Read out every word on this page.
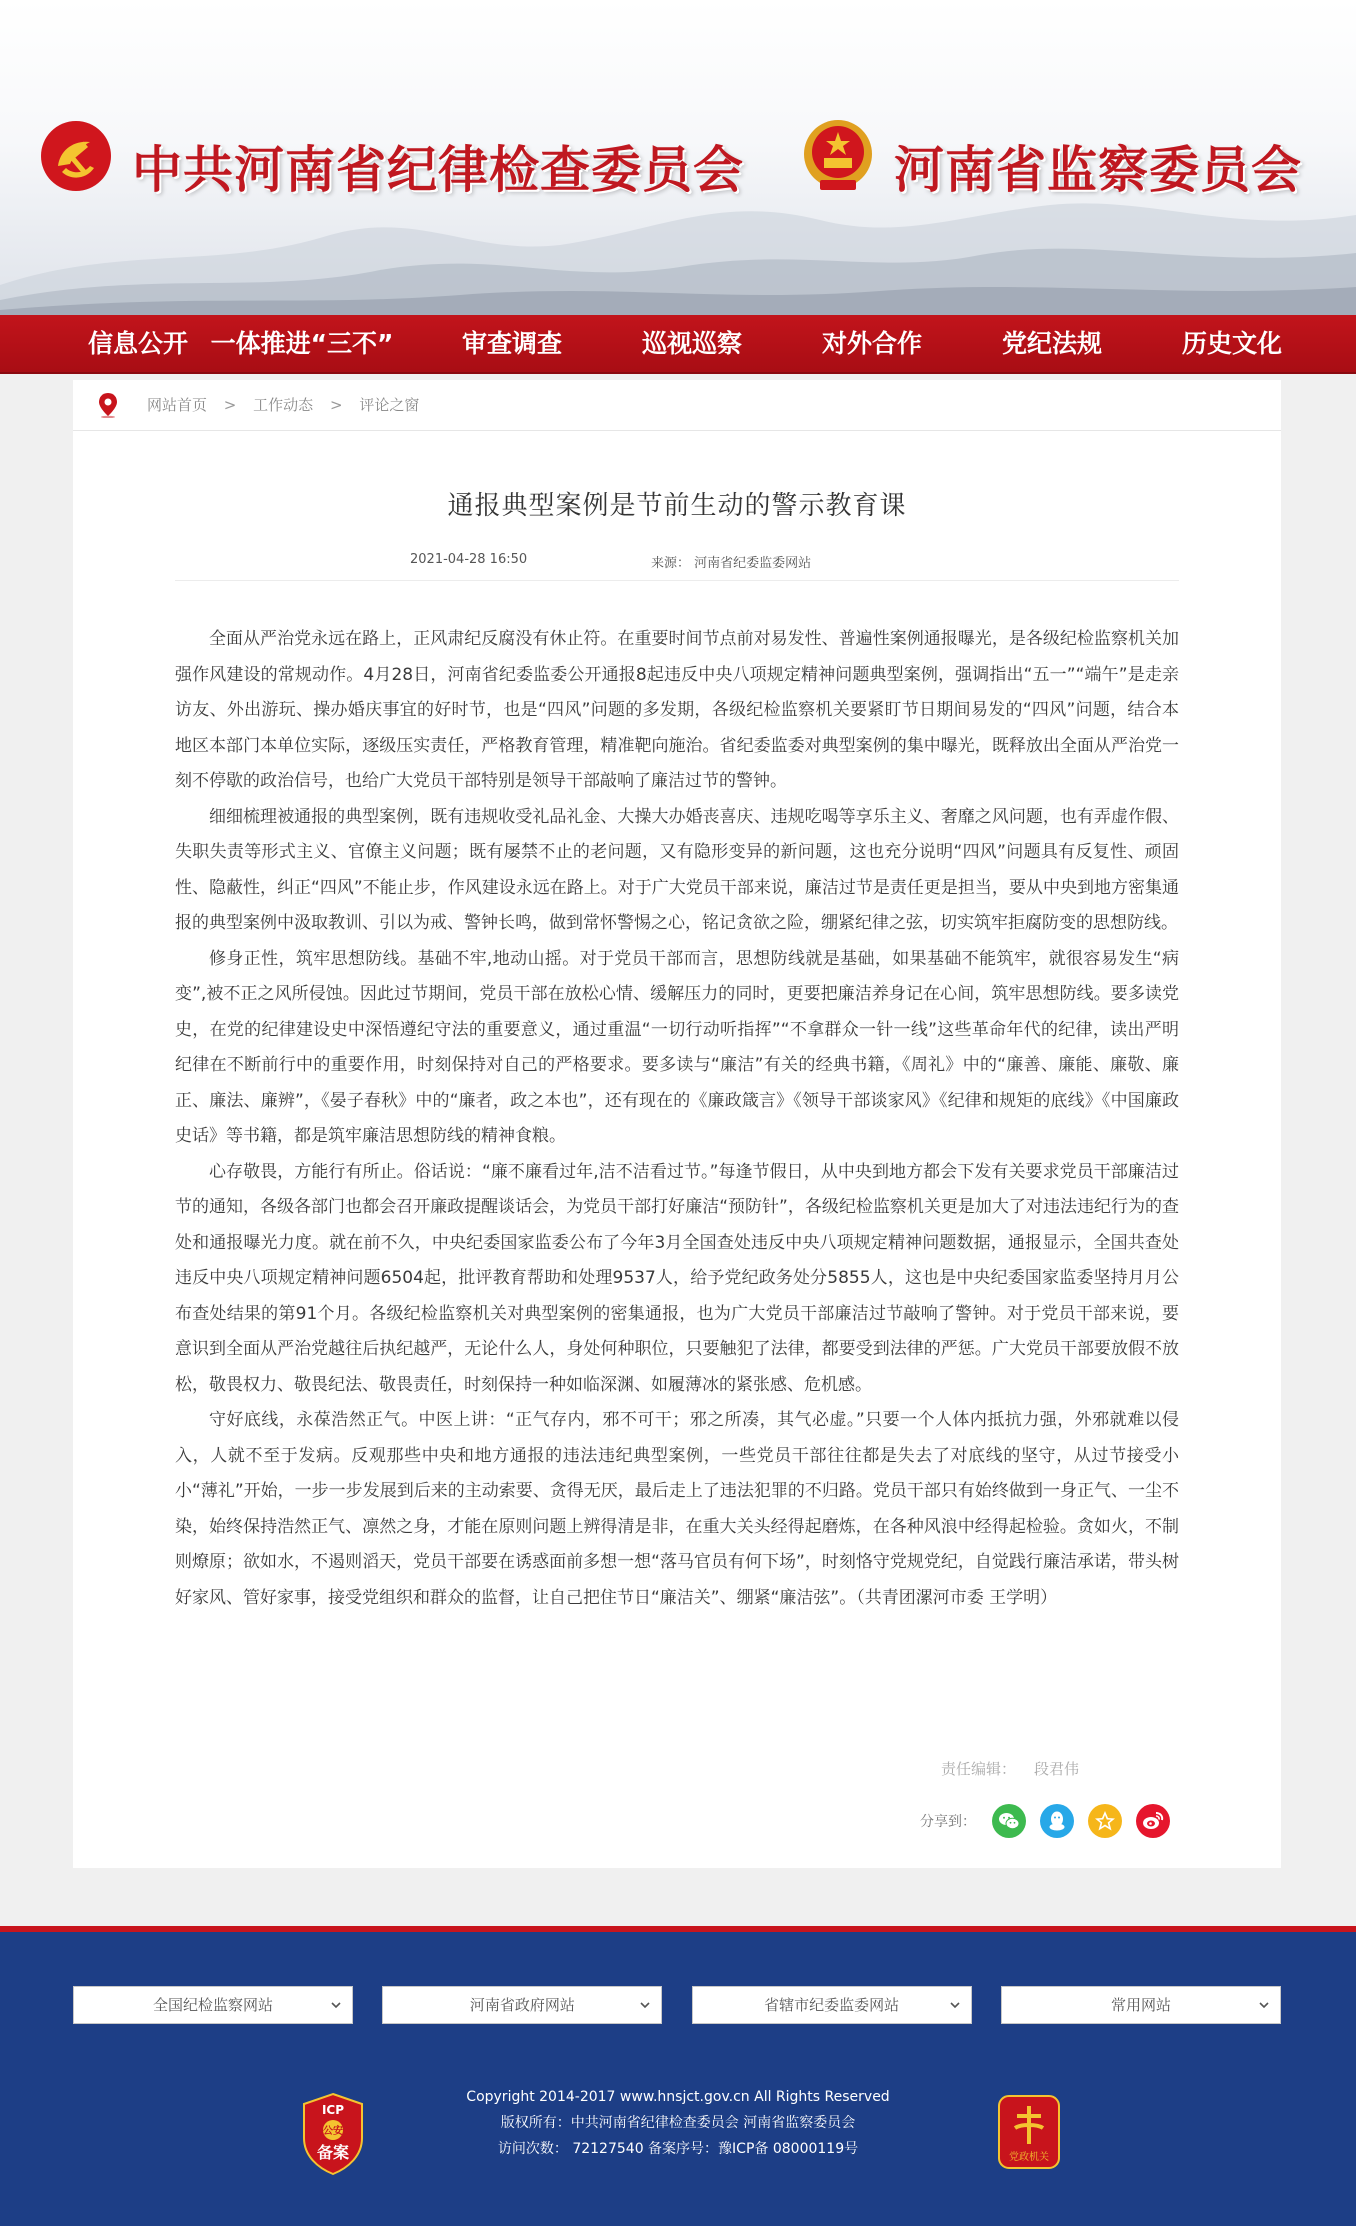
中共河南省纪律检查委员会	河南省监察委员会
信息公开 一体推进“三不”	审查调查	巡视巡察	对外合作	党纪法规	历史文化
网站首页 > 工作动态 > 评论之窗
通报典型案例是节前生动的警示教育课
2021-04-28 16:50	来源： 河南省纪委监委网站

全面从严治党永远在路上，正风肃纪反腐没有休止符。在重要时间节点前对易发性、普遍性案例通报曝光，是各级纪检监察机关加强作风建设的常规动作。4月28日，河南省纪委监委公开通报8起违反中央八项规定精神问题典型案例，强调指出“五一”“端午”是走亲访友、外出游玩、操办婚庆事宜的好时节，也是“四风”问题的多发期，各级纪检监察机关要紧盯节日期间易发的“四风”问题，结合本地区本部门本单位实际，逐级压实责任，严格教育管理，精准靶向施治。省纪委监委对典型案例的集中曝光，既释放出全面从严治党一刻不停歇的政治信号，也给广大党员干部特别是领导干部敲响了廉洁过节的警钟。

细细梳理被通报的典型案例，既有违规收受礼品礼金、大操大办婚丧喜庆、违规吃喝等享乐主义、奢靡之风问题，也有弄虚作假、失职失责等形式主义、官僚主义问题；既有屡禁不止的老问题，又有隐形变异的新问题，这也充分说明“四风”问题具有反复性、顽固性、隐蔽性，纠正“四风”不能止步，作风建设永远在路上。对于广大党员干部来说，廉洁过节是责任更是担当，要从中央到地方密集通报的典型案例中汲取教训、引以为戒、警钟长鸣，做到常怀警惕之心，铭记贪欲之险，绷紧纪律之弦，切实筑牢拒腐防变的思想防线。

修身正性，筑牢思想防线。基础不牢,地动山摇。对于党员干部而言，思想防线就是基础，如果基础不能筑牢，就很容易发生“病变”,被不正之风所侵蚀。因此过节期间，党员干部在放松心情、缓解压力的同时，更要把廉洁养身记在心间，筑牢思想防线。要多读党史，在党的纪律建设史中深悟遵纪守法的重要意义，通过重温“一切行动听指挥”“不拿群众一针一线”这些革命年代的纪律，读出严明纪律在不断前行中的重要作用，时刻保持对自己的严格要求。要多读与“廉洁”有关的经典书籍，《周礼》中的“廉善、廉能、廉敬、廉正、廉法、廉辨”，《晏子春秋》中的“廉者，政之本也”，还有现在的《廉政箴言》《领导干部谈家风》《纪律和规矩的底线》《中国廉政史话》等书籍，都是筑牢廉洁思想防线的精神食粮。

心存敬畏，方能行有所止。俗话说：“廉不廉看过年,洁不洁看过节。”每逢节假日，从中央到地方都会下发有关要求党员干部廉洁过节的通知，各级各部门也都会召开廉政提醒谈话会，为党员干部打好廉洁“预防针”，各级纪检监察机关更是加大了对违法违纪行为的查处和通报曝光力度。就在前不久，中央纪委国家监委公布了今年3月全国查处违反中央八项规定精神问题数据，通报显示，全国共查处违反中央八项规定精神问题6504起，批评教育帮助和处理9537人，给予党纪政务处分5855人，这也是中央纪委国家监委坚持月月公布查处结果的第91个月。各级纪检监察机关对典型案例的密集通报，也为广大党员干部廉洁过节敲响了警钟。对于党员干部来说，要意识到全面从严治党越往后执纪越严，无论什么人，身处何种职位，只要触犯了法律，都要受到法律的严惩。广大党员干部要放假不放松，敬畏权力、敬畏纪法、敬畏责任，时刻保持一种如临深渊、如履薄冰的紧张感、危机感。

守好底线，永葆浩然正气。中医上讲：“正气存内，邪不可干；邪之所凑，其气必虚。”只要一个人体内抵抗力强，外邪就难以侵入，人就不至于发病。反观那些中央和地方通报的违法违纪典型案例，一些党员干部往往都是失去了对底线的坚守，从过节接受小小“薄礼”开始，一步一步发展到后来的主动索要、贪得无厌，最后走上了违法犯罪的不归路。党员干部只有始终做到一身正气、一尘不染，始终保持浩然正气、凛然之身，才能在原则问题上辨得清是非，在重大关头经得起磨炼，在各种风浪中经得起检验。贪如火，不制则燎原；欲如水，不遏则滔天，党员干部要在诱惑面前多想一想“落马官员有何下场”，时刻恪守党规党纪，自觉践行廉洁承诺，带头树好家风、管好家事，接受党组织和群众的监督，让自己把住节日“廉洁关”、绷紧“廉洁弦”。（共青团漯河市委 王学明）

责任编辑： 段君伟
分享到：
全国纪检监察网站	河南省政府网站	省辖市纪委监委网站	常用网站
ICP
公安
备案
Copyright 2014-2017 www.hnsjct.gov.cn All Rights Reserved
版权所有：中共河南省纪律检查委员会 河南省监察委员会
访问次数： 72127540 备案序号：豫ICP备 08000119号
党政机关
